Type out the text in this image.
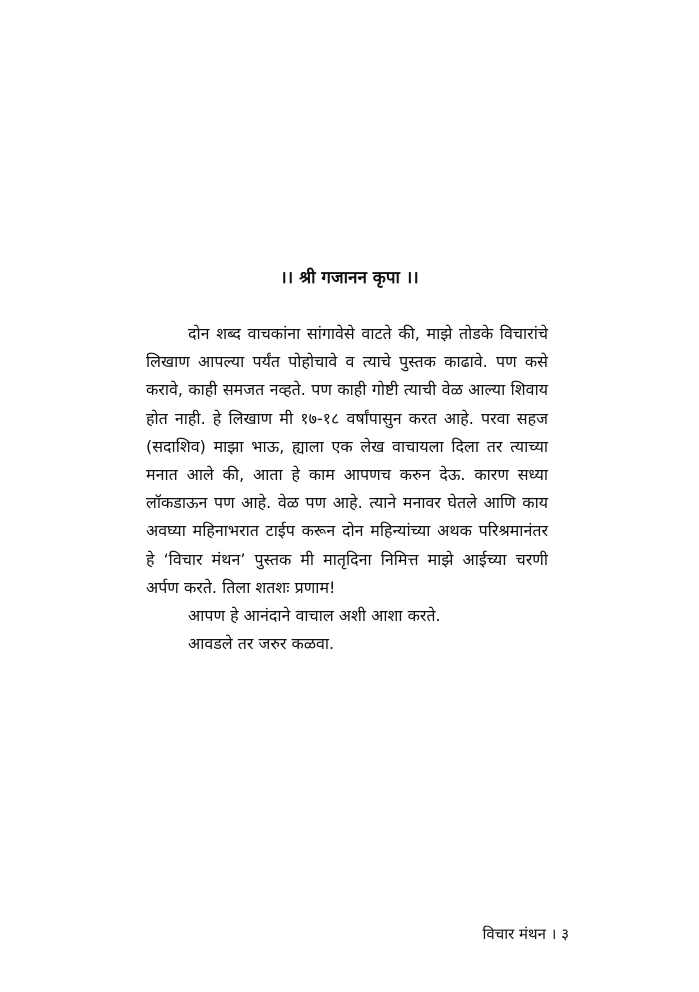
।। श्री गजानन कृपा ।।

दोन शब्द वाचकांना सांगावेसे वाटते की, माझे तोडके विचारांचे लिखाण आपल्या पर्यंत पोहोचावे व त्याचे पुस्तक काढावे. पण कसे करावे, काही समजत नव्हते. पण काही गोष्टी त्याची वेळ आल्या शिवाय होत नाही. हे लिखाण मी १७-१८ वर्षांपासुन करत आहे. परवा सहज (सदाशिव) माझा भाऊ, ह्याला एक लेख वाचायला दिला तर त्याच्या मनात आले की, आता हे काम आपणच करुन देऊ. कारण सध्या लॉकडाऊन पण आहे. वेळ पण आहे. त्याने मनावर घेतले आणि काय अवघ्या महिनाभरात टाईप करून दोन महिन्यांच्या अथक परिश्रमानंतर हे ‘विचार मंथन’ पुस्तक मी मातृदिना निमित्त माझे आईच्या चरणी अर्पण करते. तिला शतशः प्रणाम!

आपण हे आनंदाने वाचाल अशी आशा करते.

आवडले तर जरुर कळवा.

विचार मंथन । ३
